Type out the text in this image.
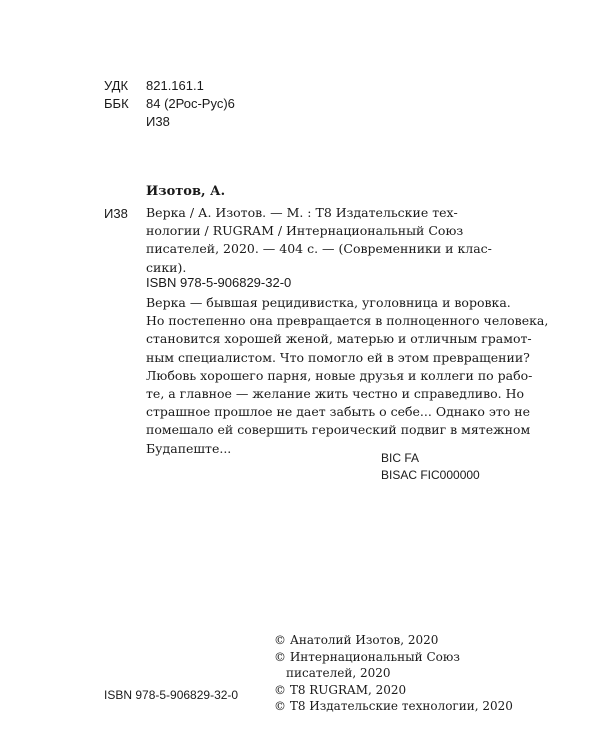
УДК 821.161.1
ББК 84 (2Рос-Рус)6
И38
Изотов, А.
И38 Верка / А. Изотов. — М. : Т8 Издательские тех-

нологии / RUGRAM / Интернациональный Союз

писателей, 2020. — 404 с. — (Современники и клас-

сики).

ISBN 978-5-906829-32-0

Верка — бывшая рецидивистка, уголовница и воровка.

Но постепенно она превращается в полноценного человека,

становится хорошей женой, матерью и отличным грамот-

ным специалистом. Что помогло ей в этом превращении?

Любовь хорошего парня, новые друзья и коллеги по рабо-

те, а главное — желание жить честно и справедливо. Но

страшное прошлое не дает забыть о себе... Однако это не

помешало ей совершить героический подвиг в мятежном

Будапеште...

BIC FA
BISAC FIC000000
ISBN 978-5-906829-32-0
© Анатолий Изотов, 2020
© Интернациональный Союз
писателей, 2020
© T8 RUGRAM, 2020
© Т8 Издательские технологии, 2020
